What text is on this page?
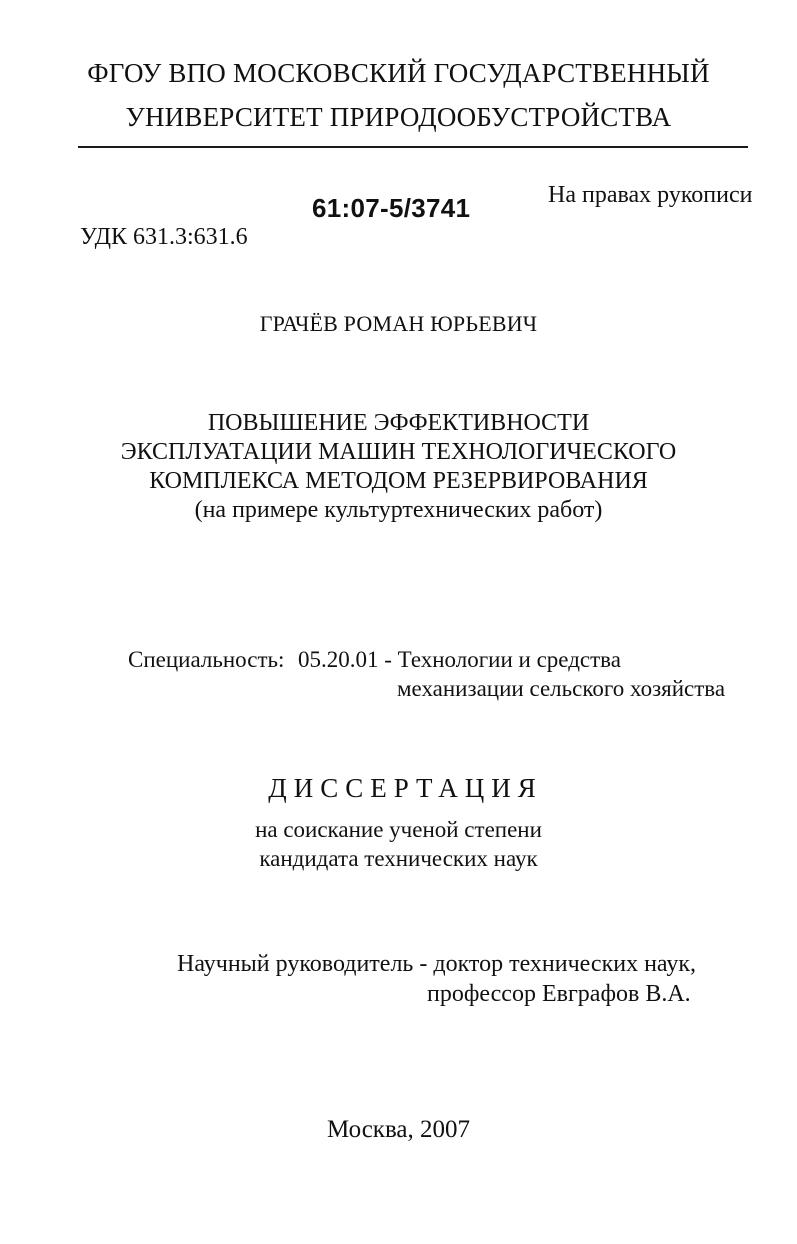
ФГОУ ВПО МОСКОВСКИЙ ГОСУДАРСТВЕННЫЙ
УНИВЕРСИТЕТ ПРИРОДООБУСТРОЙСТВА
На правах рукописи
61:07-5/3741
УДК 631.3:631.6
ГРАЧЁВ РОМАН ЮРЬЕВИЧ
ПОВЫШЕНИЕ ЭФФЕКТИВНОСТИ
ЭКСПЛУАТАЦИИ МАШИН ТЕХНОЛОГИЧЕСКОГО
КОМПЛЕКСА МЕТОДОМ РЕЗЕРВИРОВАНИЯ
(на примере культуртехнических работ)
Специальность: 05.20.01 - Технологии и средства
механизации сельского хозяйства
ДИССЕРТАЦИЯ
на соискание ученой степени
кандидата технических наук
Научный руководитель - доктор технических наук,
профессор Евграфов В.А.
Москва, 2007
